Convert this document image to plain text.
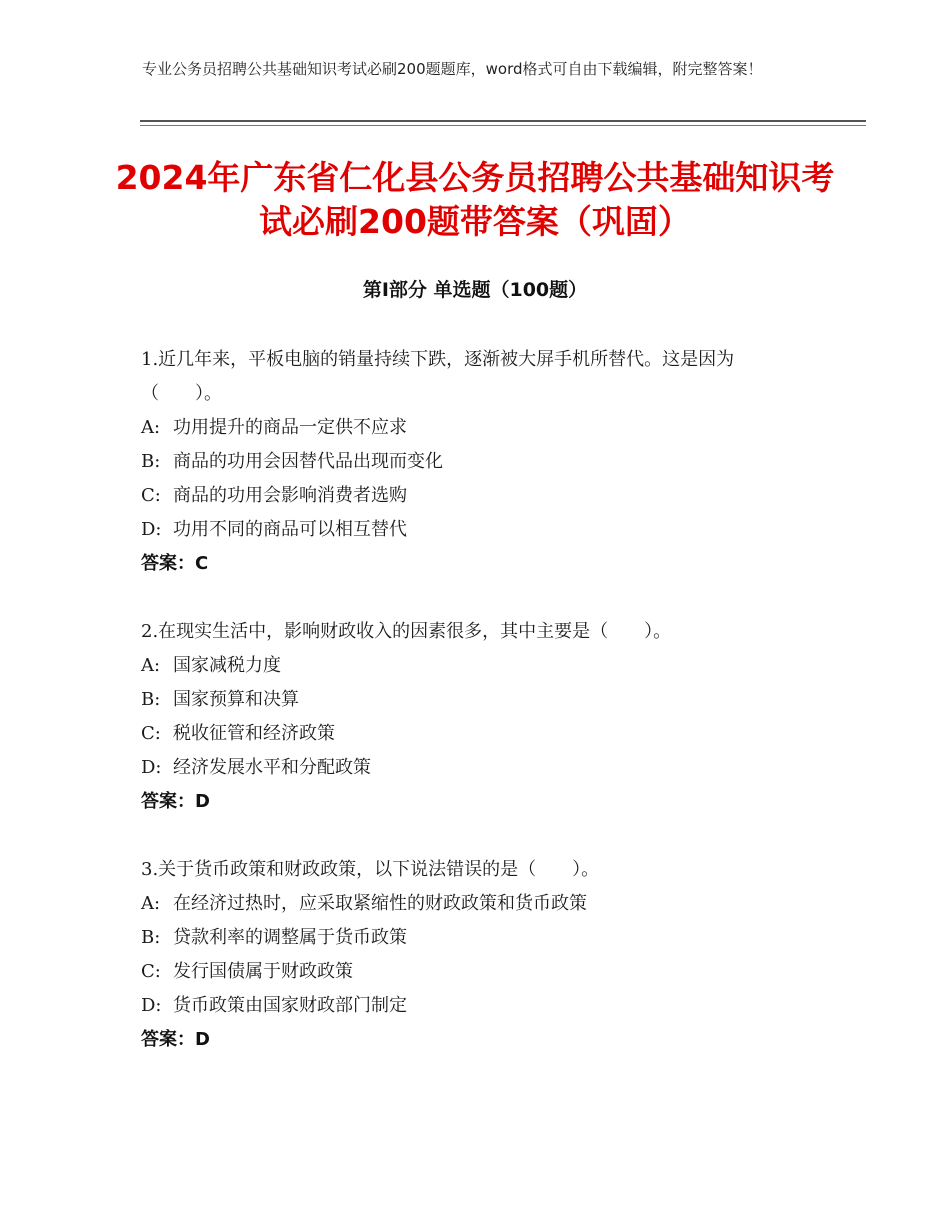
专业公务员招聘公共基础知识考试必刷200题题库，word格式可自由下载编辑，附完整答案！
2024年广东省仁化县公务员招聘公共基础知识考试必刷200题带答案（巩固）
第Ⅰ部分 单选题（100题）

1.近几年来，平板电脑的销量持续下跌，逐渐被大屏手机所替代。这是因为（　　）。

A: 功用提升的商品一定供不应求

B: 商品的功用会因替代品出现而变化

C: 商品的功用会影响消费者选购

D: 功用不同的商品可以相互替代

答案：C

2.在现实生活中，影响财政收入的因素很多，其中主要是（　　）。

A: 国家减税力度

B: 国家预算和决算

C: 税收征管和经济政策

D: 经济发展水平和分配政策

答案：D

3.关于货币政策和财政政策，以下说法错误的是（　　）。

A: 在经济过热时，应采取紧缩性的财政政策和货币政策

B: 贷款利率的调整属于货币政策

C: 发行国债属于财政政策

D: 货币政策由国家财政部门制定

答案：D
